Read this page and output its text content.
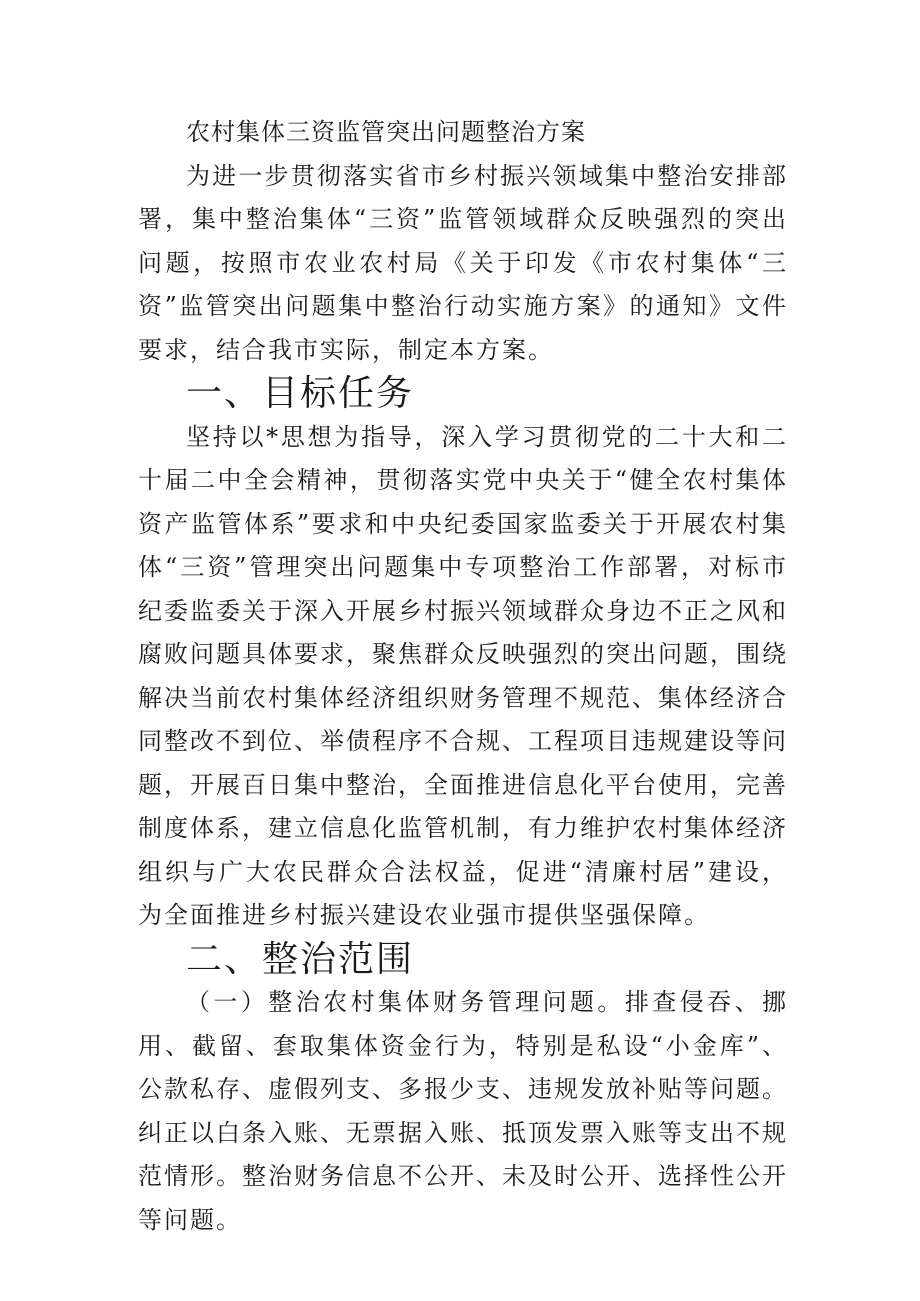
农村集体三资监管突出问题整治方案

为进一步贯彻落实省市乡村振兴领域集中整治安排部署，集中整治集体“三资”监管领域群众反映强烈的突出问题，按照市农业农村局《关于印发《市农村集体“三资”监管突出问题集中整治行动实施方案》的通知》文件要求，结合我市实际，制定本方案。

一、目标任务

坚持以*思想为指导，深入学习贯彻党的二十大和二十届二中全会精神，贯彻落实党中央关于“健全农村集体资产监管体系”要求和中央纪委国家监委关于开展农村集体“三资”管理突出问题集中专项整治工作部署，对标市纪委监委关于深入开展乡村振兴领域群众身边不正之风和腐败问题具体要求，聚焦群众反映强烈的突出问题，围绕解决当前农村集体经济组织财务管理不规范、集体经济合同整改不到位、举债程序不合规、工程项目违规建设等问题，开展百日集中整治，全面推进信息化平台使用，完善制度体系，建立信息化监管机制，有力维护农村集体经济组织与广大农民群众合法权益，促进“清廉村居”建设，为全面推进乡村振兴建设农业强市提供坚强保障。

二、整治范围

（一）整治农村集体财务管理问题。排查侵吞、挪用、截留、套取集体资金行为，特别是私设“小金库”、公款私存、虚假列支、多报少支、违规发放补贴等问题。纠正以白条入账、无票据入账、抵顶发票入账等支出不规范情形。整治财务信息不公开、未及时公开、选择性公开等问题。
